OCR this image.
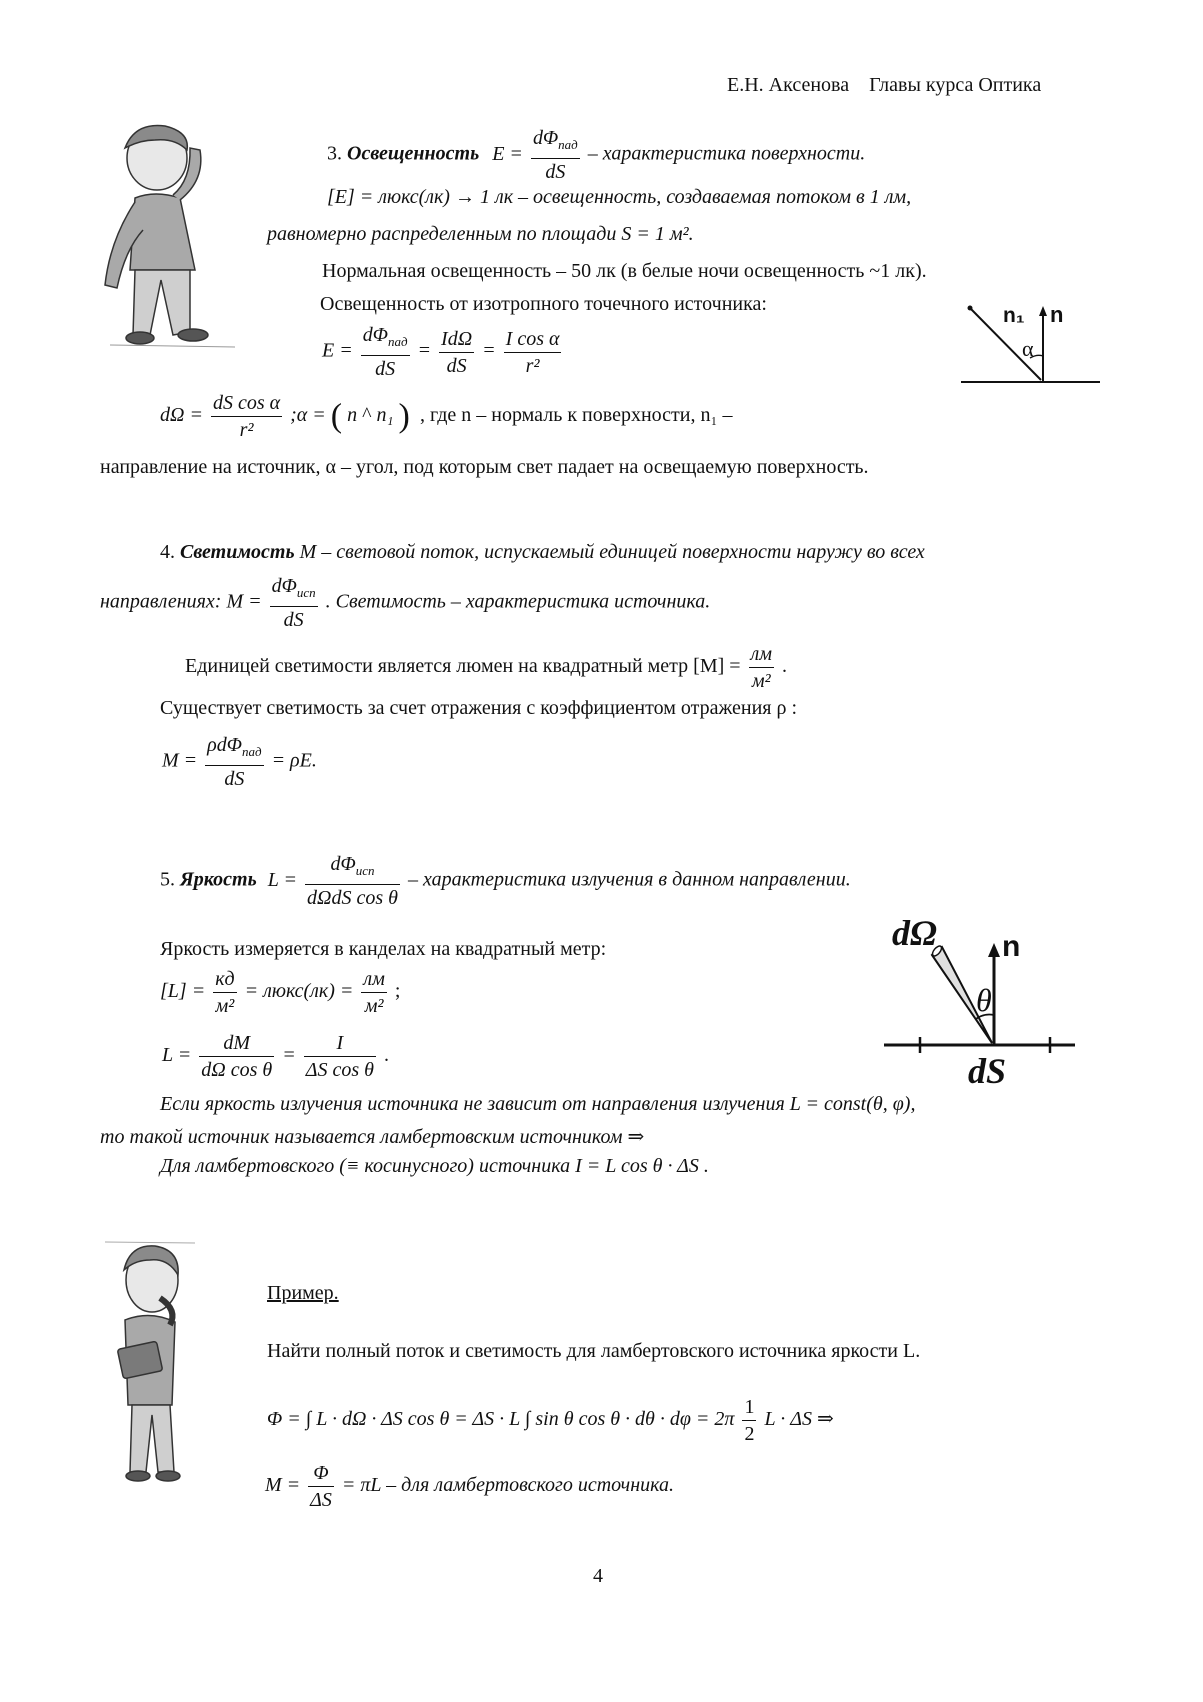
Е.Н. Аксенова Главы курса Оптика
3. Освещенность $E = \frac{d\Phi_{пад}}{dS}$ – характеристика поверхности.
[E] = люкс(лк) → 1 лк – освещенность, создаваемая потоком в 1 лм,
равномерно распределенным по площади S = 1 м².
Нормальная освещенность – 50 лк (в белые ночи освещенность ~1 лк).
Освещенность от изотропного точечного источника:
$E = \frac{d\Phi_{пад}}{dS} = \frac{\text{IdΩ}}{dS} = \frac{\text{I cos α}}{\text{r²}}$
n₁ n
α
$d\Omega = \frac{\text{dS cos α}}{\text{r²}}$ ;α = ( n ^ n₁ ) , где n – нормаль к поверхности, n₁ –
направление на источник, α – угол, под которым свет падает на освещаемую поверхность.
4. Светимость M – световой поток, испускаемый единицей поверхности наружу во всех
направлениях: $M = \frac{d\Phi_{исп}}{dS}$ . Светимость – характеристика источника.
Единицей светимости является люмен на квадратный метр $[M] = \frac{лм}{\text{м²}}$ .
Существует светимость за счет отражения с коэффициентом отражения ρ :
$M = \frac{\rho d\Phi_{пад}}{dS} = \rho E$.
5. Яркость $L = \frac{d\Phi_{исп}}{\text{dΩdS cos θ}}$ – характеристика излучения в данном направлении.
Яркость измеряется в канделах на квадратный метр:
$[L] = \frac{кд}{\text{м²}}$ = люкс(лк) = $\frac{лм}{\text{м²}}$ ;
$L = \frac{dM}{\text{dΩ cos θ}} = \frac{I}{\text{ΔS cos θ}}$ .
dΩ n
θ
dS
Если яркость излучения источника не зависит от направления излучения L = const(θ, φ),
то такой источник называется ламбертовским источником ⇒
Для ламбертовского (≡ косинусного) источника I = L cos θ · ΔS .
Пример.
Найти полный поток и светимость для ламбертовского источника яркости L.
Φ = ∫ L · dΩ · ΔS cos θ = ΔS · L ∫ sin θ $\cos \theta \cdot d\theta \cdot d\varphi = 2\pi \frac{1}{2}$ L · ΔS ⇒
$M = \frac{\Phi}{\Delta S} = \pi L$ – для ламбертовского источника.
4
